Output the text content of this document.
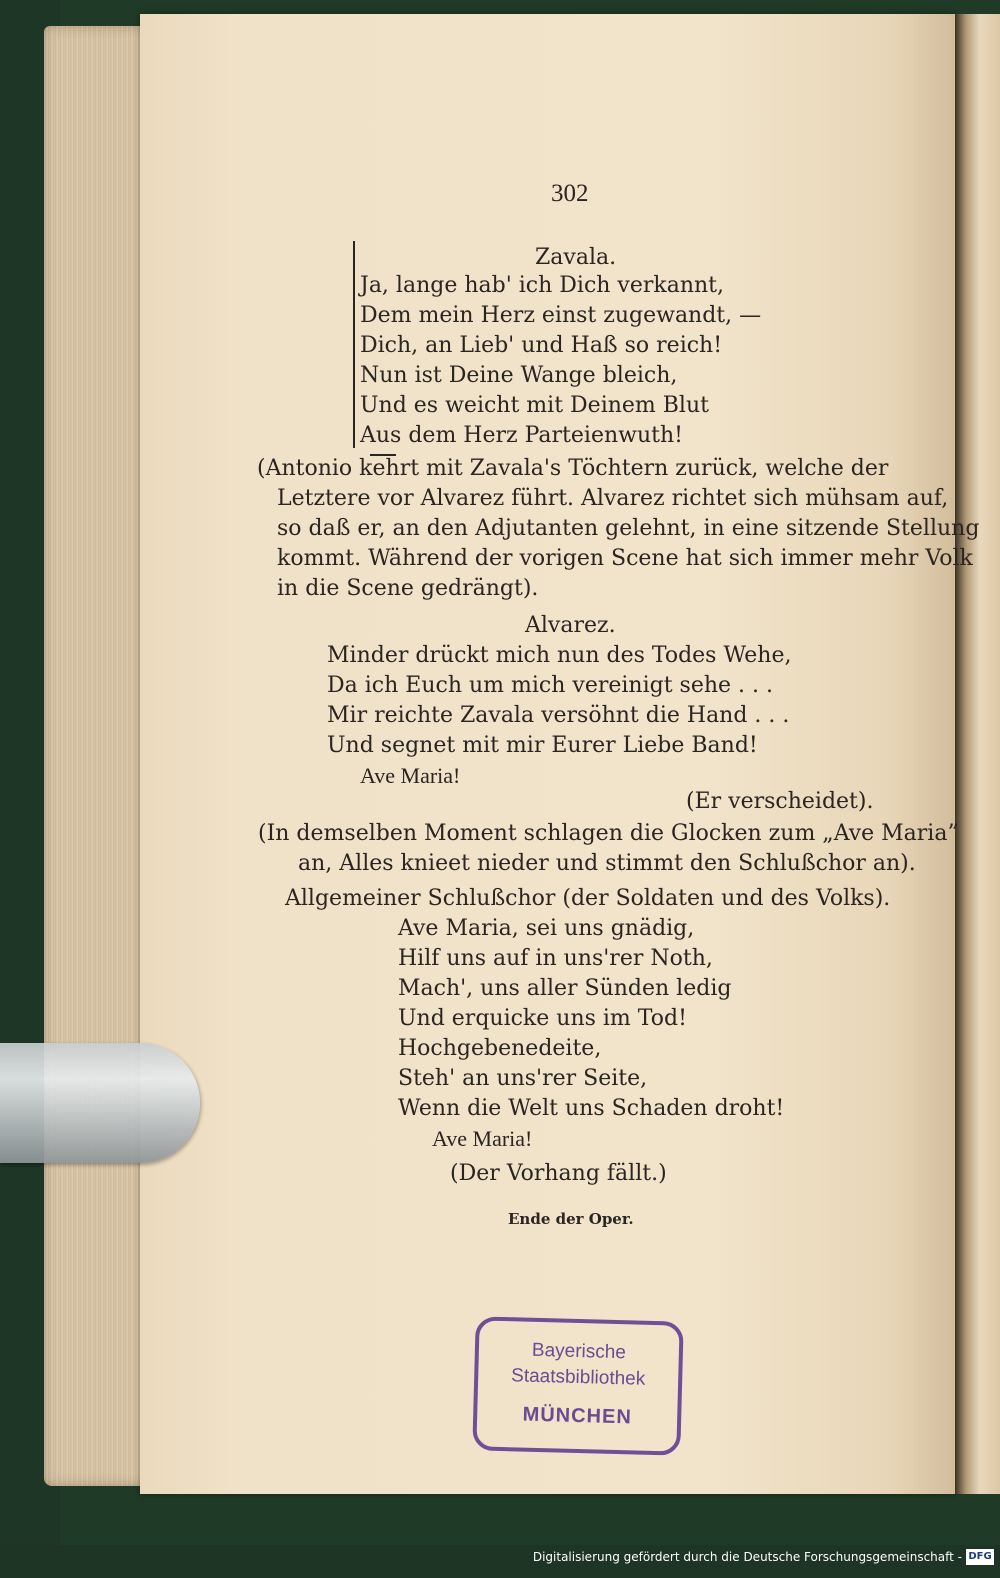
302
Zavala.
Ja, lange hab' ich Dich verkannt,
Dem mein Herz einst zugewandt, —
Dich, an Lieb' und Haß so reich!
Nun ist Deine Wange bleich,
Und es weicht mit Deinem Blut
Aus dem Herz Parteienwuth!
(Antonio kehrt mit Zavala's Töchtern zurück, welche der
Letztere vor Alvarez führt. Alvarez richtet sich mühsam auf,
so daß er, an den Adjutanten gelehnt, in eine sitzende Stellung
kommt. Während der vorigen Scene hat sich immer mehr Volk
in die Scene gedrängt).
Alvarez.
Minder drückt mich nun des Todes Wehe,
Da ich Euch um mich vereinigt sehe . . .
Mir reichte Zavala versöhnt die Hand . . .
Und segnet mit mir Eurer Liebe Band!
Ave Maria!
(Er verscheidet).
(In demselben Moment schlagen die Glocken zum „Ave Maria”
an, Alles knieet nieder und stimmt den Schlußchor an).
Allgemeiner Schlußchor (der Soldaten und des Volks).
Ave Maria, sei uns gnädig,
Hilf uns auf in uns'rer Noth,
Mach', uns aller Sünden ledig
Und erquicke uns im Tod!
Hochgebenedeite,
Steh' an uns'rer Seite,
Wenn die Welt uns Schaden droht!
Ave Maria!
(Der Vorhang fällt.)
Ende der Oper.
Bayerische
Staatsbibliothek
MÜNCHEN
Digitalisierung gefördert durch die Deutsche Forschungsgemeinschaft - DFG
